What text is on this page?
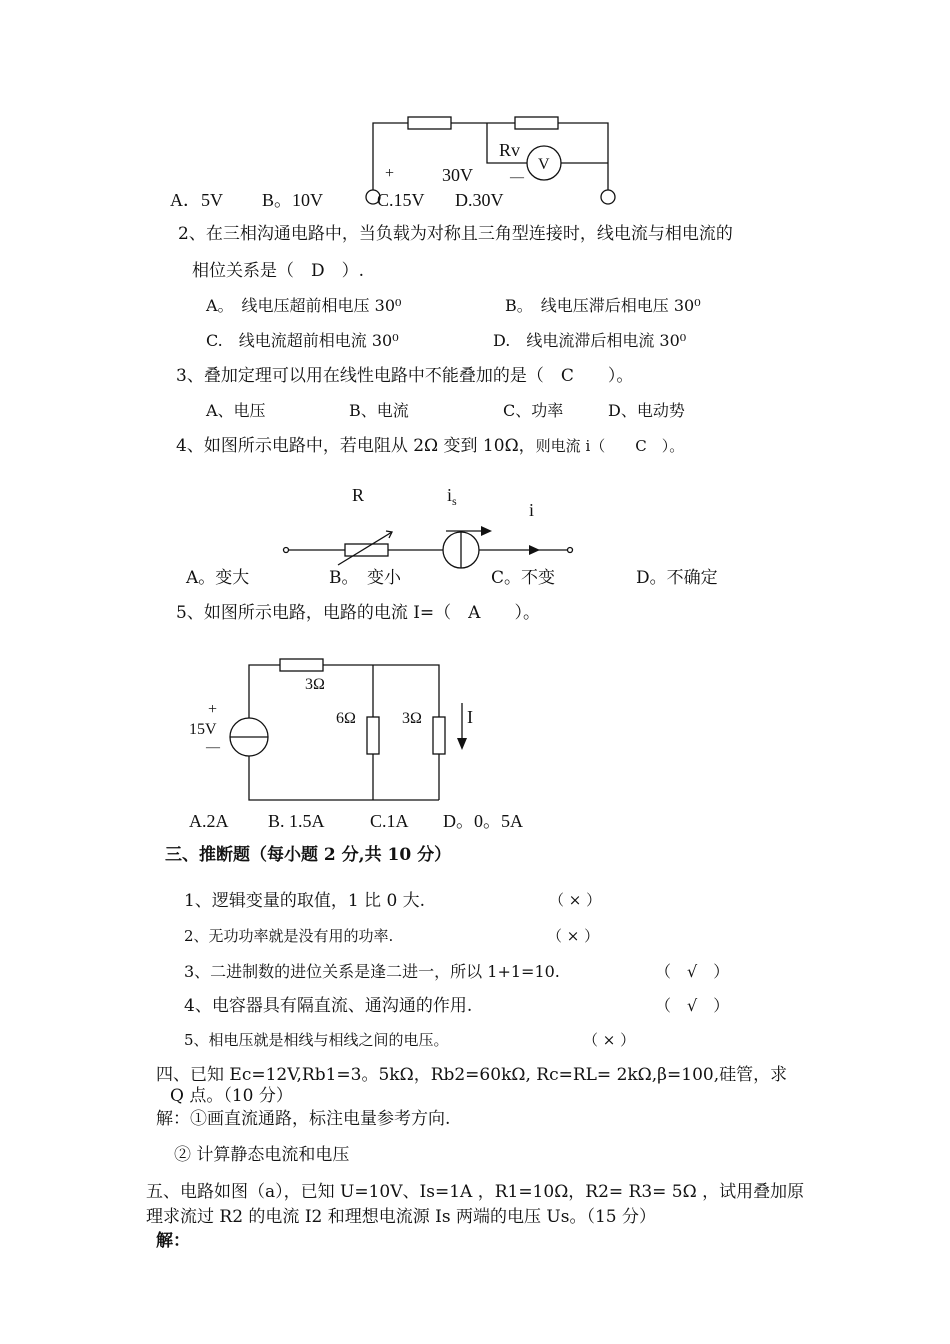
Rv
V
+	—
30V
A．5V B。10V	C.15V D.30V
2、在三相沟通电路中，当负载为对称且三角型连接时，线电流与相电流的
相位关系是（　D　）.
A。　线电压超前相电压 30⁰	B。　线电压滞后相电压 30⁰
C.　线电流超前相电流 30⁰	D.　线电流滞后相电流 30⁰
3、叠加定理可以用在线性电路中不能叠加的是（　C　　）。
A、电压	B、电流	C、功率	D、电动势
4、如图所示电路中，若电阻从 2Ω 变到 10Ω，则电流 i（　　C　）。
R	$i_s$	i
A。变大	B。　变小	C。不变	D。不确定
5、如图所示电路，电路的电流 I=（　A　　）。
3Ω
6Ω	3Ω	I
+
15V
—
A.2A B. 1.5A	C.1A D。0。5A
三、推断题（每小题 2 分,共 10 分）
1、逻辑变量的取值，1 比 0 大.	（ × ）
2、无功功率就是没有用的功率.	（ × ）
3、二进制数的进位关系是逢二进一，所以 1+1=10.	（　√　）
4、电容器具有隔直流、通沟通的作用.	（　√　）
5、相电压就是相线与相线之间的电压。	（ × ）
四、已知 Ec=12V,Rb1=3。5kΩ，Rb2=60kΩ, Rc=RL= 2kΩ,β=100,硅管，求
Q 点。（10 分）
解：①画直流通路，标注电量参考方向.
② 计算静态电流和电压
五、电路如图（a），已知 U=10V、Is=1A ，R1=10Ω，R2= R3= 5Ω ，试用叠加原
理求流过 R2 的电流 I2 和理想电流源 Is 两端的电压 Us。（15 分）
解：
